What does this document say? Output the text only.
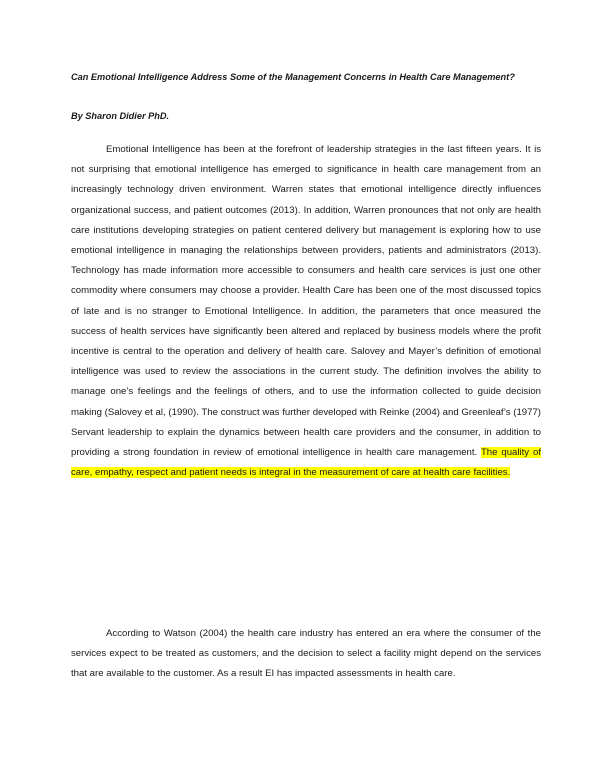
Can Emotional Intelligence Address Some of the Management Concerns in Health Care Management?
By Sharon Didier PhD.

Emotional Intelligence has been at the forefront of leadership strategies in the last fifteen years. It is not surprising that emotional intelligence has emerged to significance in health care management from an increasingly technology driven environment. Warren states that emotional intelligence directly influences organizational success, and patient outcomes (2013). In addition, Warren pronounces that not only are health care institutions developing strategies on patient centered delivery but management is exploring how to use emotional intelligence in managing the relationships between providers, patients and administrators (2013). Technology has made information more accessible to consumers and health care services is just one other commodity where consumers may choose a provider. Health Care has been one of the most discussed topics of late and is no stranger to Emotional Intelligence. In addition, the parameters that once measured the success of health services have significantly been altered and replaced by business models where the profit incentive is central to the operation and delivery of health care. Salovey and Mayer’s definition of emotional intelligence was used to review the associations in the current study. The definition involves the ability to manage one’s feelings and the feelings of others, and to use the information collected to guide decision making (Salovey et al, (1990). The construct was further developed with Reinke (2004) and Greenleaf’s (1977) Servant leadership to explain the dynamics between health care providers and the consumer, in addition to providing a strong foundation in review of emotional intelligence in health care management. The quality of care, empathy, respect and patient needs is integral in the measurement of care at health care facilities.

According to Watson (2004) the health care industry has entered an era where the consumer of the services expect to be treated as customers, and the decision to select a facility might depend on the services that are available to the customer. As a result EI has impacted assessments in health care.
